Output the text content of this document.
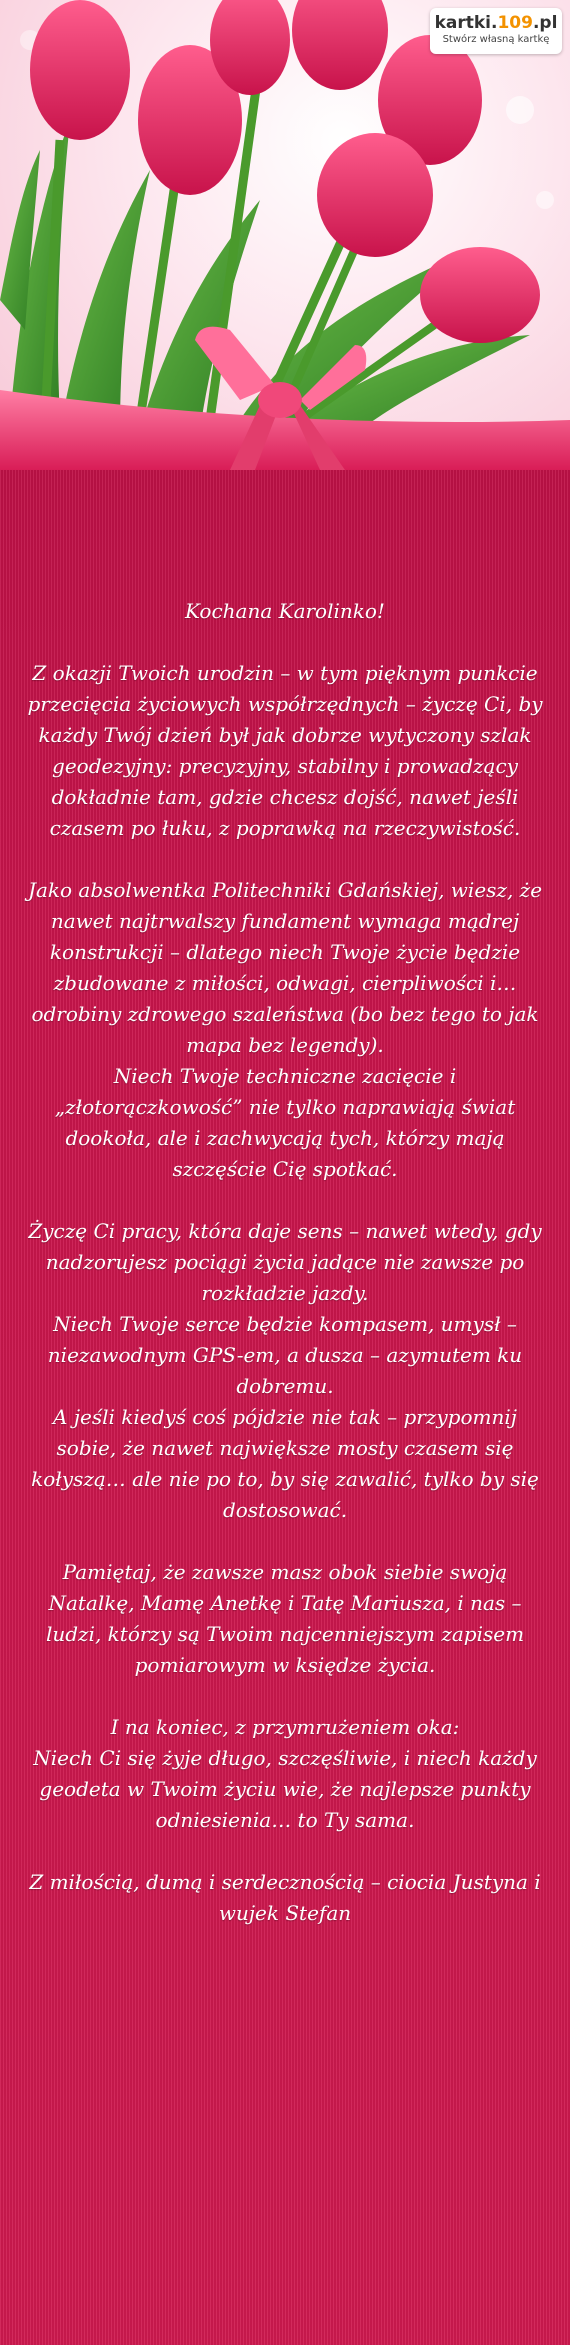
kartki.109.pl
Stwórz własną kartkę

Kochana Karolinko!

Z okazji Twoich urodzin – w tym pięknym punkcie przecięcia życiowych współrzędnych – życzę Ci, by każdy Twój dzień był jak dobrze wytyczony szlak geodezyjny: precyzyjny, stabilny i prowadzący dokładnie tam, gdzie chcesz dojść, nawet jeśli czasem po łuku, z poprawką na rzeczywistość.

Jako absolwentka Politechniki Gdańskiej, wiesz, że nawet najtrwalszy fundament wymaga mądrej konstrukcji – dlatego niech Twoje życie będzie zbudowane z miłości, odwagi, cierpliwości i… odrobiny zdrowego szaleństwa (bo bez tego to jak mapa bez legendy).

Niech Twoje techniczne zacięcie i „złotorączkowość” nie tylko naprawiają świat dookoła, ale i zachwycają tych, którzy mają szczęście Cię spotkać.

Życzę Ci pracy, która daje sens – nawet wtedy, gdy nadzorujesz pociągi życia jadące nie zawsze po rozkładzie jazdy.

Niech Twoje serce będzie kompasem, umysł – niezawodnym GPS-em, a dusza – azymutem ku dobremu.

A jeśli kiedyś coś pójdzie nie tak – przypomnij sobie, że nawet największe mosty czasem się kołyszą… ale nie po to, by się zawalić, tylko by się dostosować.

Pamiętaj, że zawsze masz obok siebie swoją Natalkę, Mamę Anetkę i Tatę Mariusza, i nas – ludzi, którzy są Twoim najcenniejszym zapisem pomiarowym w księdze życia.

I na koniec, z przymrużeniem oka:

Niech Ci się żyje długo, szczęśliwie, i niech każdy geodeta w Twoim życiu wie, że najlepsze punkty odniesienia… to Ty sama.

Z miłością, dumą i serdecznością – ciocia Justyna i wujek Stefan
